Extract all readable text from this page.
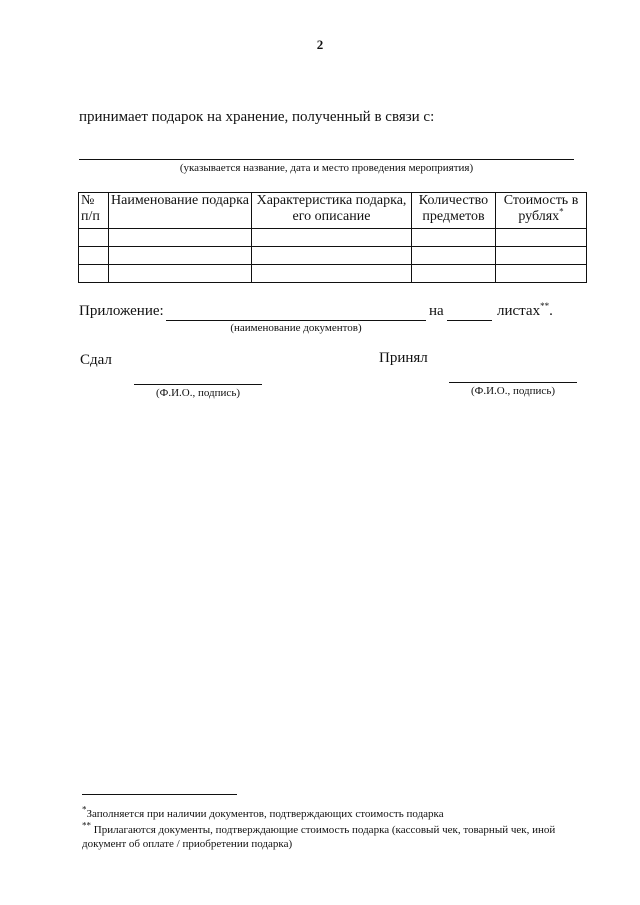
2
принимает подарок на хранение, полученный в связи с:
(указывается название, дата и место проведения мероприятия)
№ п/п	Наименование подарка	Характеристика подарка, его описание	Количество предметов	Стоимость в рублях*

Приложение:	на	листах**.
(наименование документов)
Сдал	Принял
(Ф.И.О., подпись)	(Ф.И.О., подпись)
*Заполняется при наличии документов, подтверждающих стоимость подарка
** Прилагаются документы, подтверждающие стоимость подарка (кассовый чек, товарный чек, иной документ об оплате / приобретении подарка)
